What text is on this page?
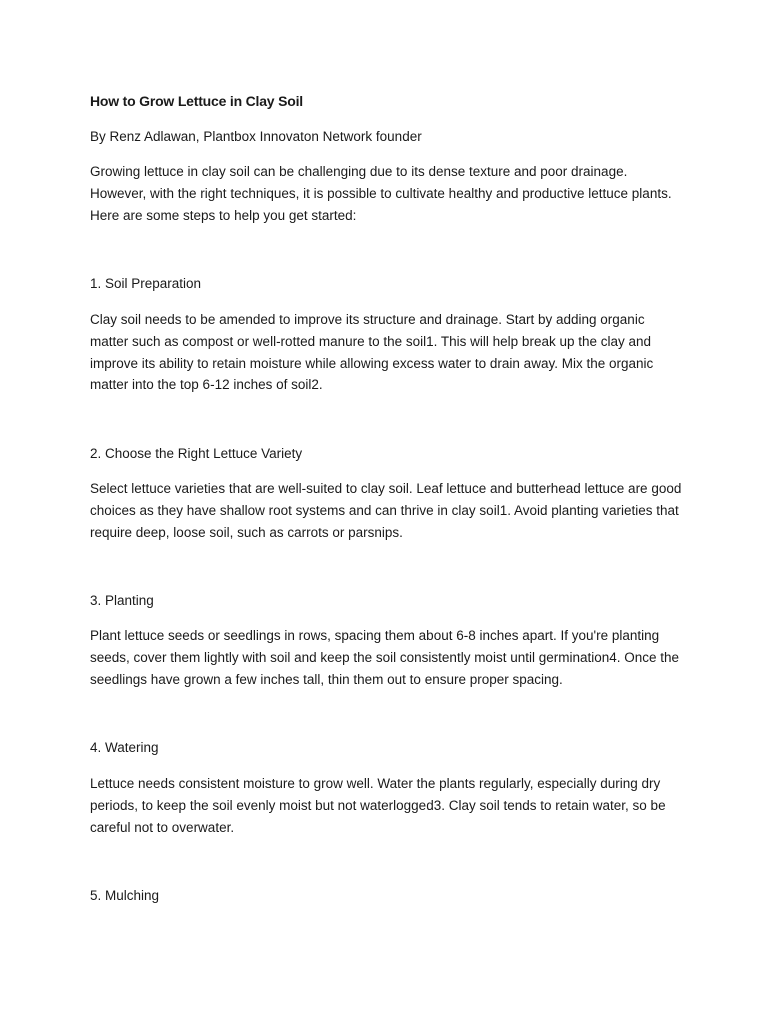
How to Grow Lettuce in Clay Soil
By Renz Adlawan, Plantbox Innovaton Network founder
Growing lettuce in clay soil can be challenging due to its dense texture and poor drainage. However, with the right techniques, it is possible to cultivate healthy and productive lettuce plants. Here are some steps to help you get started:
1. Soil Preparation
Clay soil needs to be amended to improve its structure and drainage. Start by adding organic matter such as compost or well-rotted manure to the soil1. This will help break up the clay and improve its ability to retain moisture while allowing excess water to drain away. Mix the organic matter into the top 6-12 inches of soil2.
2. Choose the Right Lettuce Variety
Select lettuce varieties that are well-suited to clay soil. Leaf lettuce and butterhead lettuce are good choices as they have shallow root systems and can thrive in clay soil1. Avoid planting varieties that require deep, loose soil, such as carrots or parsnips.
3. Planting
Plant lettuce seeds or seedlings in rows, spacing them about 6-8 inches apart. If you're planting seeds, cover them lightly with soil and keep the soil consistently moist until germination4. Once the seedlings have grown a few inches tall, thin them out to ensure proper spacing.
4. Watering
Lettuce needs consistent moisture to grow well. Water the plants regularly, especially during dry periods, to keep the soil evenly moist but not waterlogged3. Clay soil tends to retain water, so be careful not to overwater.
5. Mulching
